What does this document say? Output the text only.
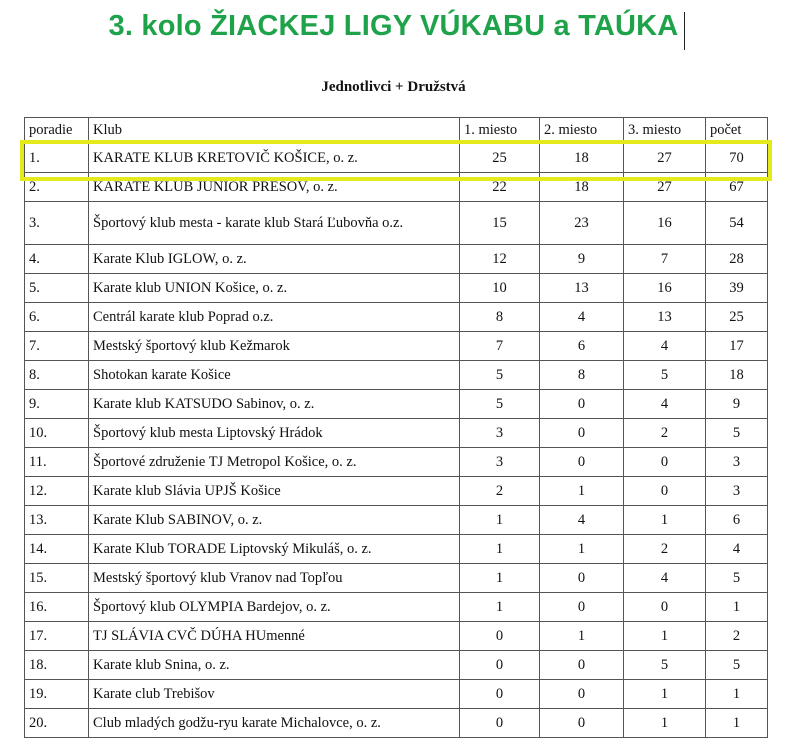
3. kolo ŽIACKEJ LIGY VÚKABU a TAÚKA
Jednotlivci + Družstvá
poradie	Klub	1. miesto	2. miesto	3. miesto	počet
1.	KARATE KLUB KRETOVIČ KOŠICE, o. z.	25	18	27	70
2.	KARATE KLUB JUNIOR PREŠOV, o. z.	22	18	27	67
3.	Športový klub mesta - karate klub Stará Ľubovňa o.z.	15	23	16	54
4.	Karate Klub IGLOW, o. z.	12	9	7	28
5.	Karate klub UNION Košice, o. z.	10	13	16	39
6.	Centrál karate klub Poprad o.z.	8	4	13	25
7.	Mestský športový klub Kežmarok	7	6	4	17
8.	Shotokan karate Košice	5	8	5	18
9.	Karate klub KATSUDO Sabinov, o. z.	5	0	4	9
10.	Športový klub mesta Liptovský Hrádok	3	0	2	5
11.	Športové združenie TJ Metropol Košice, o. z.	3	0	0	3
12.	Karate klub Slávia UPJŠ Košice	2	1	0	3
13.	Karate Klub SABINOV, o. z.	1	4	1	6
14.	Karate Klub TORADE Liptovský Mikuláš, o. z.	1	1	2	4
15.	Mestský športový klub Vranov nad Topľou	1	0	4	5
16.	Športový klub OLYMPIA Bardejov, o. z.	1	0	0	1
17.	TJ SLÁVIA CVČ DÚHA HUmenné	0	1	1	2
18.	Karate klub Snina, o. z.	0	0	5	5
19.	Karate club Trebišov	0	0	1	1
20.	Club mladých godžu-ryu karate Michalovce, o. z.	0	0	1	1
